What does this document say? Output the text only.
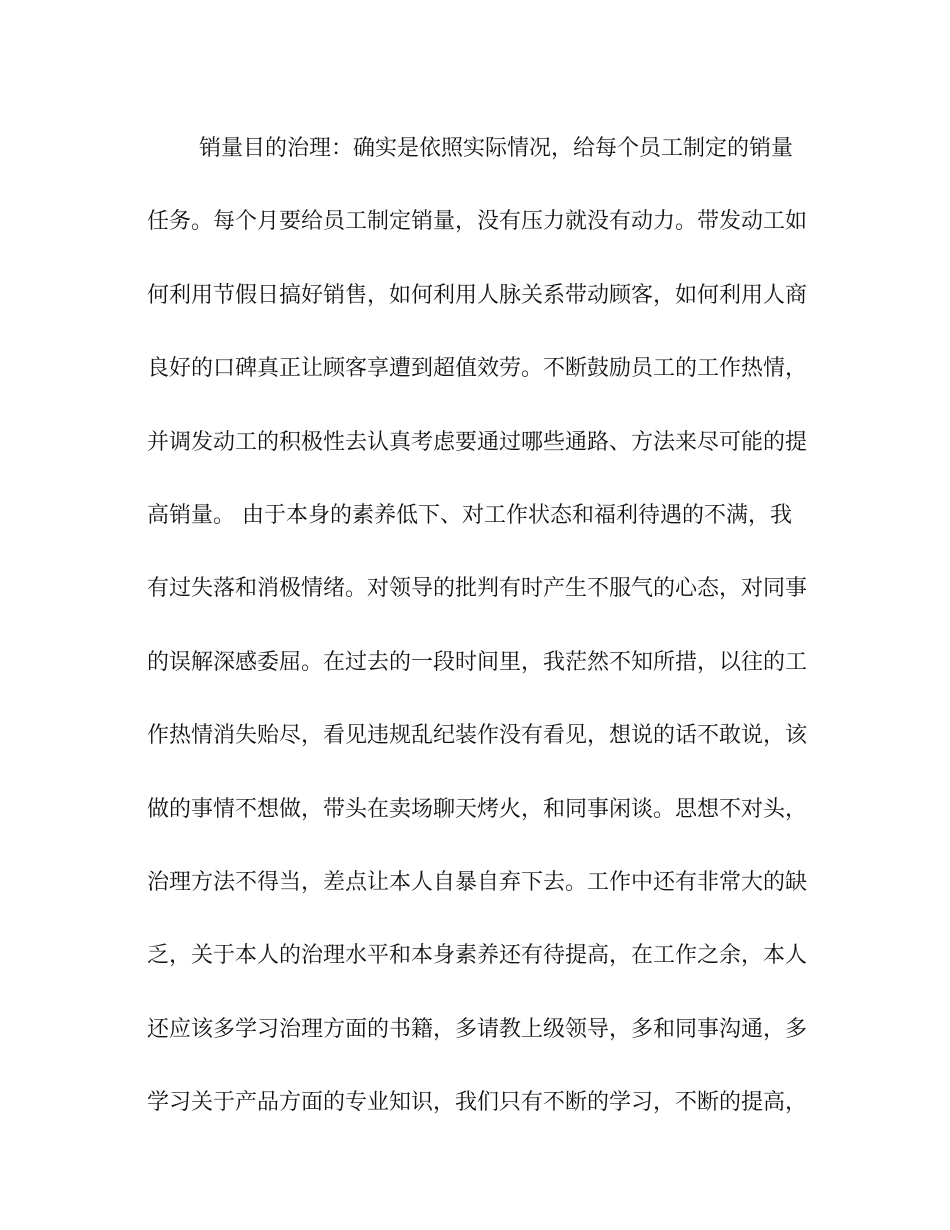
销量目的治理：确实是依照实际情况，给每个员工制定的销量
任务。每个月要给员工制定销量，没有压力就没有动力。带发动工如
何利用节假日搞好销售，如何利用人脉关系带动顾客，如何利用人商
良好的口碑真正让顾客享遭到超值效劳。不断鼓励员工的工作热情，
并调发动工的积极性去认真考虑要通过哪些通路、方法来尽可能的提
高销量。 由于本身的素养低下、对工作状态和福利待遇的不满，我
有过失落和消极情绪。对领导的批判有时产生不服气的心态，对同事
的误解深感委屈。在过去的一段时间里，我茫然不知所措，以往的工
作热情消失贻尽，看见违规乱纪装作没有看见，想说的话不敢说，该
做的事情不想做，带头在卖场聊天烤火，和同事闲谈。思想不对头，
治理方法不得当，差点让本人自暴自弃下去。工作中还有非常大的缺
乏，关于本人的治理水平和本身素养还有待提高，在工作之余，本人
还应该多学习治理方面的书籍，多请教上级领导，多和同事沟通，多
学习关于产品方面的专业知识，我们只有不断的学习，不断的提高，
